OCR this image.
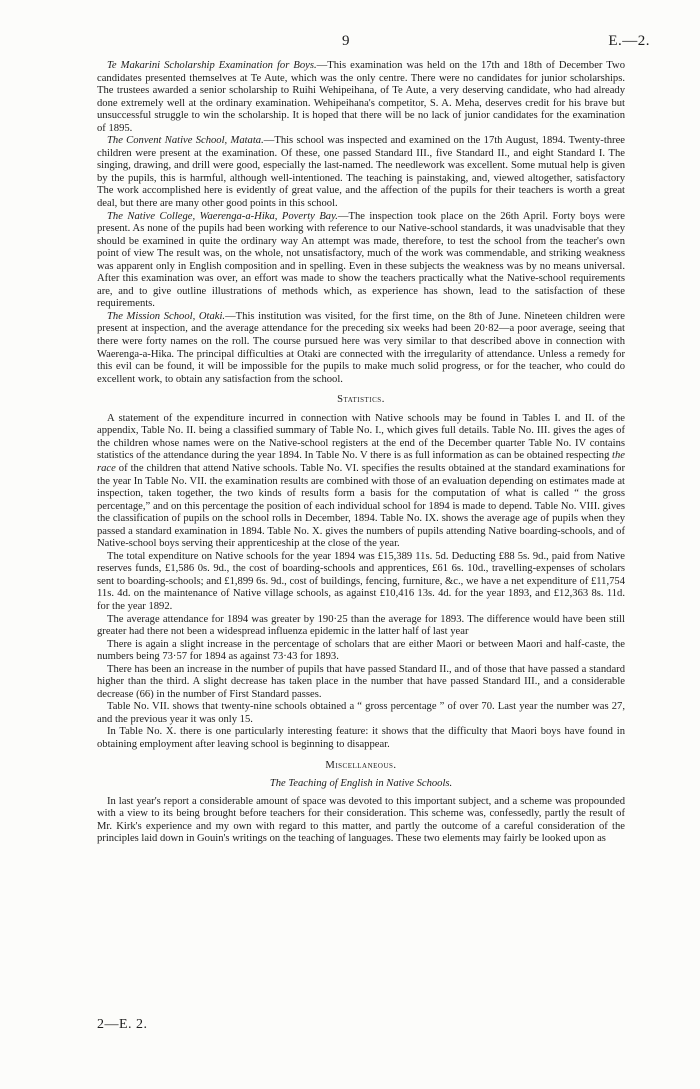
9	E.—2.

Te Makarini Scholarship Examination for Boys.—This examination was held on the 17th and 18th of December Two candidates presented themselves at Te Aute, which was the only centre. There were no candidates for junior scholarships. The trustees awarded a senior scholarship to Ruihi Wehipeihana, of Te Aute, a very deserving candidate, who had already done extremely well at the ordinary examination. Wehipeihana's competitor, S. A. Meha, deserves credit for his brave but unsuccessful struggle to win the scholarship. It is hoped that there will be no lack of junior candidates for the examination of 1895.

The Convent Native School, Matata.—This school was inspected and examined on the 17th August, 1894. Twenty-three children were present at the examination. Of these, one passed Standard III., five Standard II., and eight Standard I. The singing, drawing, and drill were good, especially the last-named. The needlework was excellent. Some mutual help is given by the pupils, this is harmful, although well-intentioned. The teaching is painstaking, and, viewed altogether, satisfactory The work accomplished here is evidently of great value, and the affection of the pupils for their teachers is worth a great deal, but there are many other good points in this school.

The Native College, Waerenga-a-Hika, Poverty Bay.—The inspection took place on the 26th April. Forty boys were present. As none of the pupils had been working with reference to our Native-school standards, it was unadvisable that they should be examined in quite the ordinary way An attempt was made, therefore, to test the school from the teacher's own point of view The result was, on the whole, not unsatisfactory, much of the work was commendable, and striking weakness was apparent only in English composition and in spelling. Even in these subjects the weakness was by no means universal. After this examination was over, an effort was made to show the teachers practically what the Native-school requirements are, and to give outline illustrations of methods which, as experience has shown, lead to the satisfaction of these requirements.

The Mission School, Otaki.—This institution was visited, for the first time, on the 8th of June. Nineteen children were present at inspection, and the average attendance for the preceding six weeks had been 20·82—a poor average, seeing that there were forty names on the roll. The course pursued here was very similar to that described above in connection with Waerenga-a-Hika. The principal difficulties at Otaki are connected with the irregularity of attendance. Unless a remedy for this evil can be found, it will be impossible for the pupils to make much solid progress, or for the teacher, who could do excellent work, to obtain any satisfaction from the school.

Statistics.

A statement of the expenditure incurred in connection with Native schools may be found in Tables I. and II. of the appendix, Table No. II. being a classified summary of Table No. I., which gives full details. Table No. III. gives the ages of the children whose names were on the Native-school registers at the end of the December quarter Table No. IV contains statistics of the attendance during the year 1894. In Table No. V there is as full information as can be obtained respecting the race of the children that attend Native schools. Table No. VI. specifies the results obtained at the standard examinations for the year In Table No. VII. the examination results are combined with those of an evaluation depending on estimates made at inspection, taken together, the two kinds of results form a basis for the computation of what is called “ the gross percentage,” and on this percentage the position of each individual school for 1894 is made to depend. Table No. VIII. gives the classification of pupils on the school rolls in December, 1894. Table No. IX. shows the average age of pupils when they passed a standard examination in 1894. Table No. X. gives the numbers of pupils attending Native boarding-schools, and of Native-school boys serving their apprenticeship at the close of the year.

The total expenditure on Native schools for the year 1894 was £15,389 11s. 5d. Deducting £88 5s. 9d., paid from Native reserves funds, £1,586 0s. 9d., the cost of boarding-schools and apprentices, £61 6s. 10d., travelling-expenses of scholars sent to boarding-schools; and £1,899 6s. 9d., cost of buildings, fencing, furniture, &c., we have a net expenditure of £11,754 11s. 4d. on the maintenance of Native village schools, as against £10,416 13s. 4d. for the year 1893, and £12,363 8s. 11d. for the year 1892.

The average attendance for 1894 was greater by 190·25 than the average for 1893. The difference would have been still greater had there not been a widespread influenza epidemic in the latter half of last year

There is again a slight increase in the percentage of scholars that are either Maori or between Maori and half-caste, the numbers being 73·57 for 1894 as against 73·43 for 1893.

There has been an increase in the number of pupils that have passed Standard II., and of those that have passed a standard higher than the third. A slight decrease has taken place in the number that have passed Standard III., and a considerable decrease (66) in the number of First Standard passes.

Table No. VII. shows that twenty-nine schools obtained a “ gross percentage ” of over 70. Last year the number was 27, and the previous year it was only 15.

In Table No. X. there is one particularly interesting feature: it shows that the difficulty that Maori boys have found in obtaining employment after leaving school is beginning to disappear.

Miscellaneous.
The Teaching of English in Native Schools.

In last year's report a considerable amount of space was devoted to this important subject, and a scheme was propounded with a view to its being brought before teachers for their consideration. This scheme was, confessedly, partly the result of Mr. Kirk's experience and my own with regard to this matter, and partly the outcome of a careful consideration of the principles laid down in Gouin's writings on the teaching of languages. These two elements may fairly be looked upon as

2—E. 2.
